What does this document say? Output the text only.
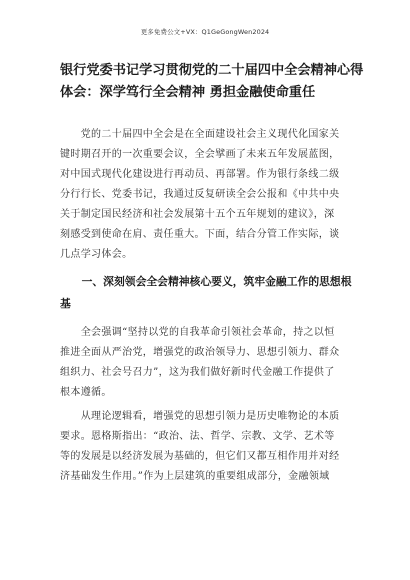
更多免费公文+VX：Q1GeGongWen2024
银行党委书记学习贯彻党的二十届四中全会精神心得
体会：深学笃行全会精神 勇担金融使命重任
　　党的二十届四中全会是在全面建设社会主义现代化国家关
键时期召开的一次重要会议，全会擘画了未来五年发展蓝图，
对中国式现代化建设进行再动员、再部署。作为银行条线二级
分行行长、党委书记，我通过反复研读全会公报和《中共中央
关于制定国民经济和社会发展第十五个五年规划的建议》，深
刻感受到使命在肩、责任重大。下面，结合分管工作实际，谈
几点学习体会。
　　一、深刻领会全会精神核心要义，筑牢金融工作的思想根
基
　　全会强调“坚持以党的自我革命引领社会革命，持之以恒
推进全面从严治党，增强党的政治领导力、思想引领力、群众
组织力、社会号召力”，这为我们做好新时代金融工作提供了
根本遵循。
　　从理论逻辑看，增强党的思想引领力是历史唯物论的本质
要求。恩格斯指出：“政治、法、哲学、宗教、文学、艺术等
等的发展是以经济发展为基础的，但它们又都互相作用并对经
济基础发生作用。”作为上层建筑的重要组成部分，金融领域
